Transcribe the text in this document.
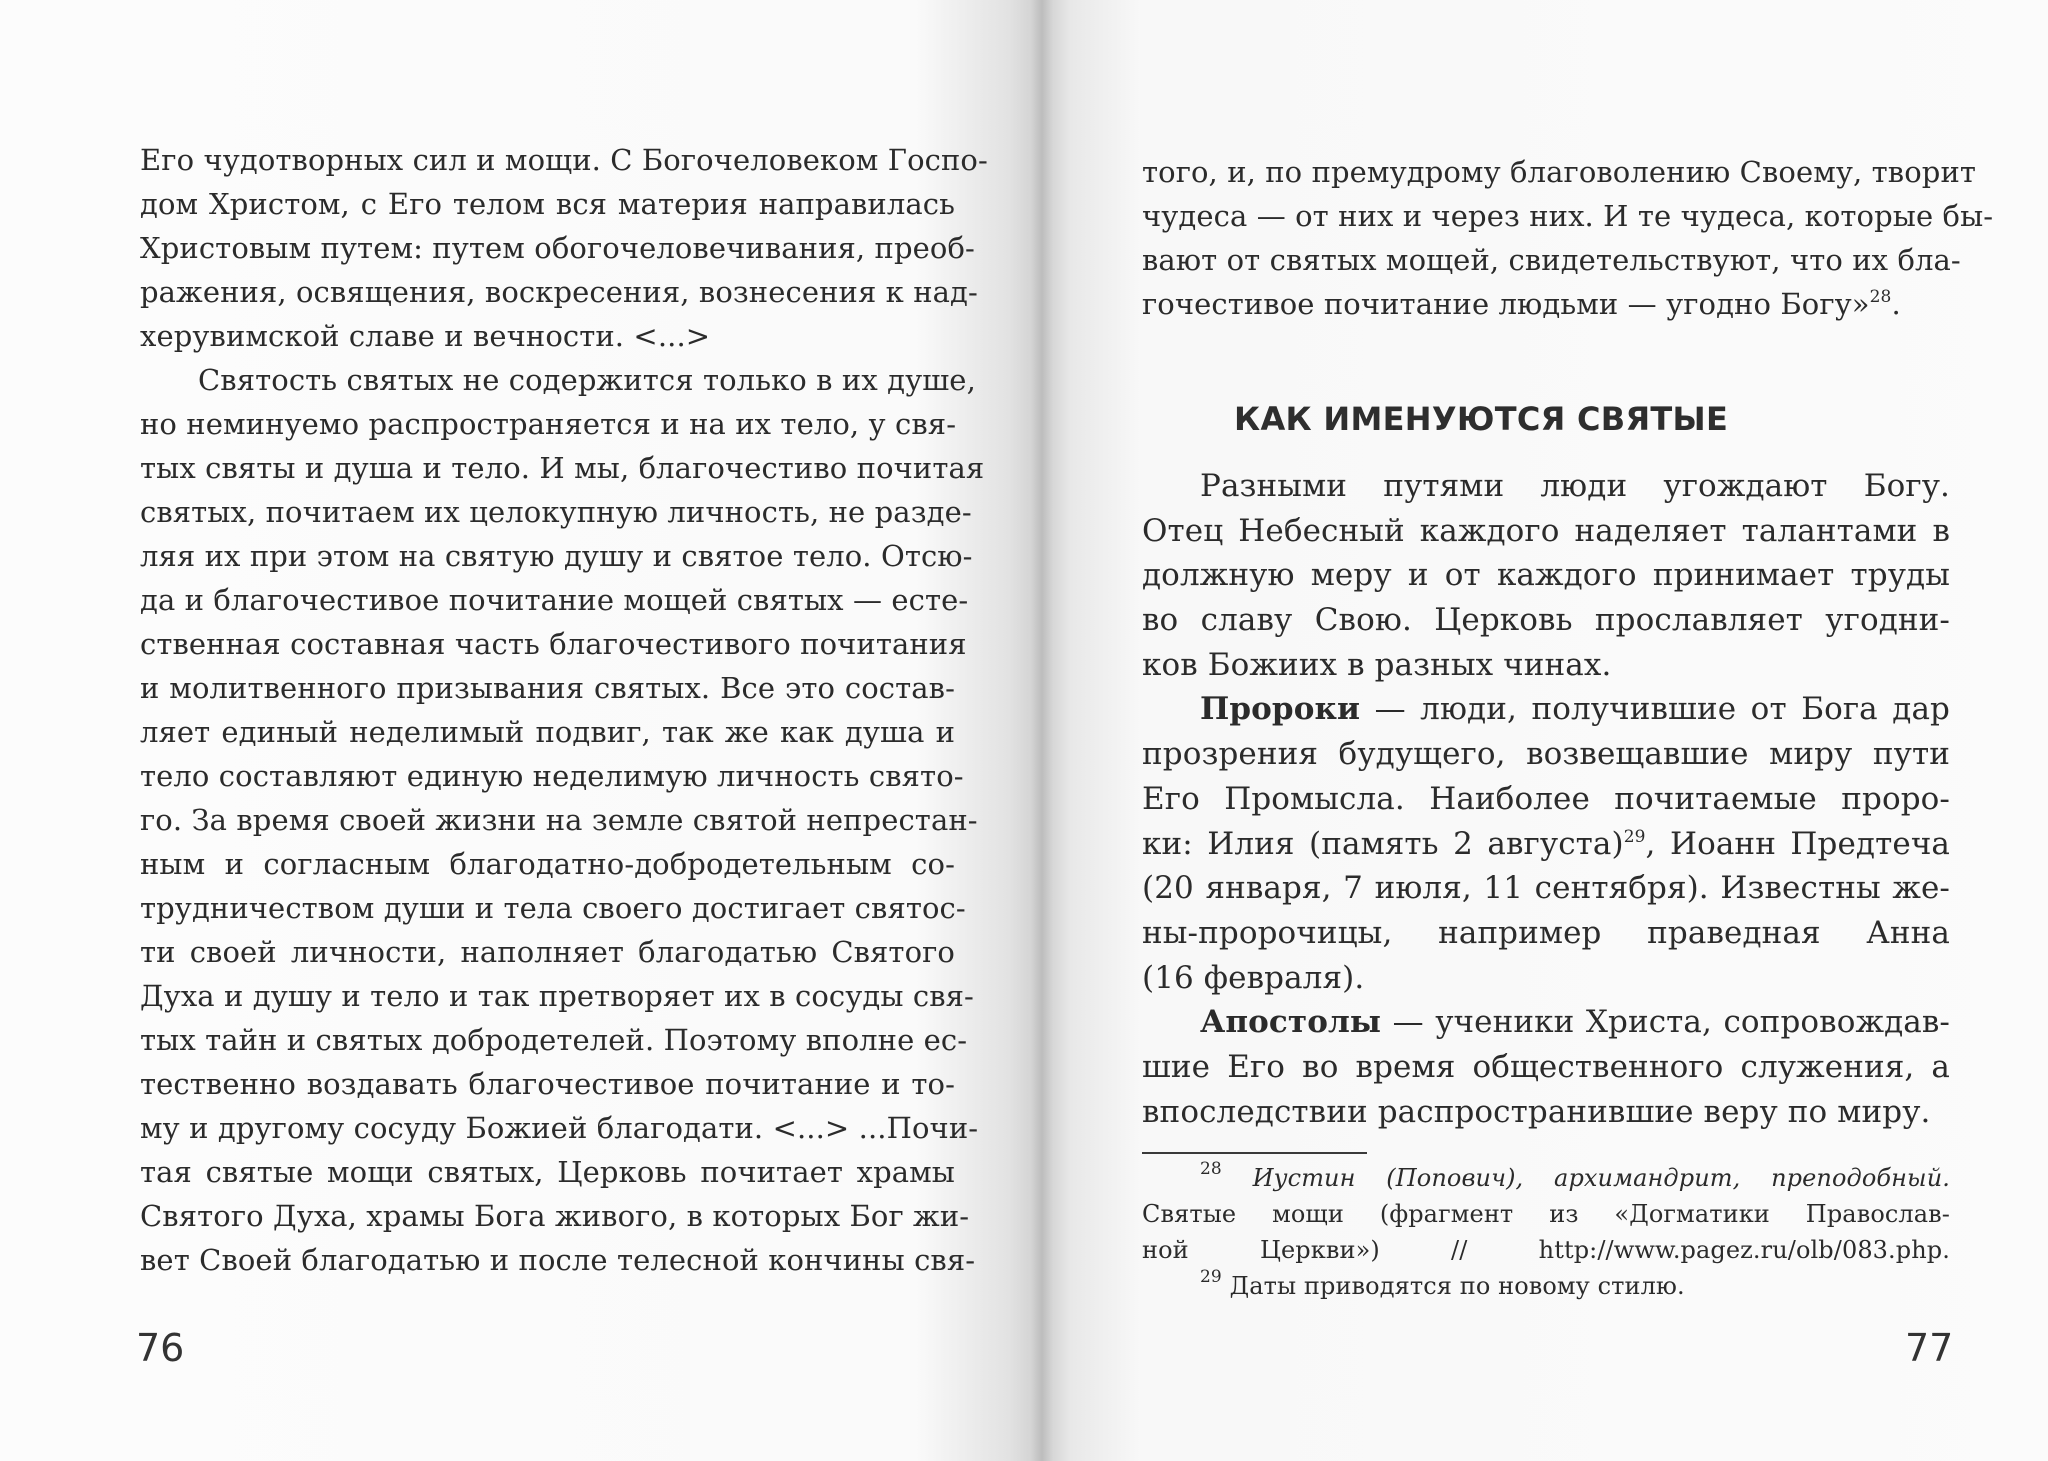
Его чудотворных сил и мощи. С Богочеловеком Госпо-
дом Христом, с Его телом вся материя направилась
Христовым путем: путем обогочеловечивания, преоб-
ражения, освящения, воскресения, вознесения к над-
херувимской славе и вечности. <...>
Святость святых не содержится только в их душе,
но неминуемо распространяется и на их тело, у свя-
тых святы и душа и тело. И мы, благочестиво почитая
святых, почитаем их целокупную личность, не разде-
ляя их при этом на святую душу и святое тело. Отсю-
да и благочестивое почитание мощей святых — есте-
ственная составная часть благочестивого почитания
и молитвенного призывания святых. Все это состав-
ляет единый неделимый подвиг, так же как душа и
тело составляют единую неделимую личность свято-
го. За время своей жизни на земле святой непрестан-
ным и согласным благодатно-добродетельным со-
трудничеством души и тела своего достигает святос-
ти своей личности, наполняет благодатью Святого
Духа и душу и тело и так претворяет их в сосуды свя-
тых тайн и святых добродетелей. Поэтому вполне ес-
тественно воздавать благочестивое почитание и то-
му и другому сосуду Божией благодати. <...> ...Почи-
тая святые мощи святых, Церковь почитает храмы
Святого Духа, храмы Бога живого, в которых Бог жи-
вет Своей благодатью и после телесной кончины свя-
76
того, и, по премудрому благоволению Своему, творит
чудеса — от них и через них. И те чудеса, которые бы-
вают от святых мощей, свидетельствуют, что их бла-
гочестивое почитание людьми — угодно Богу»$^{28}$.
КАК ИМЕНУЮТСЯ СВЯТЫЕ
Разными путями люди угождают Богу.
Отец Небесный каждого наделяет талантами в
должную меру и от каждого принимает труды
во славу Свою. Церковь прославляет угодни-
ков Божиих в разных чинах.
Пророки — люди, получившие от Бога дар
прозрения будущего, возвещавшие миру пути
Его Промысла. Наиболее почитаемые проро-
ки: Илия (память 2 августа)$^{29}$, Иоанн Предтеча
(20 января, 7 июля, 11 сентября). Известны же-
ны-пророчицы, например праведная Анна
(16 февраля).
Апостолы — ученики Христа, сопровождав-
шие Его во время общественного служения, а
впоследствии распространившие веру по миру.
$^{28}$ Иустин (Попович), архимандрит, преподобный.
Святые мощи (фрагмент из «Догматики Православ-
ной Церкви») // http://www.pagez.ru/olb/083.php.
$^{29}$ Даты приводятся по новому стилю.
77
